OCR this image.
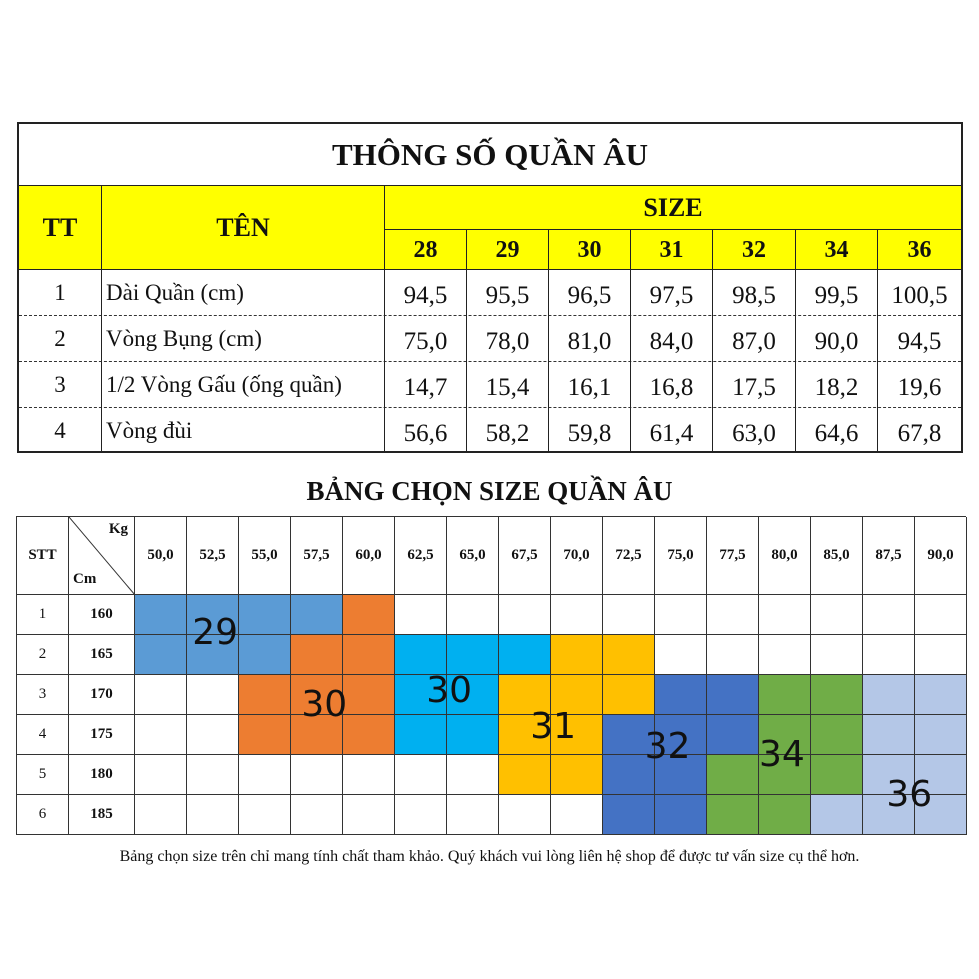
THÔNG SỐ QUẦN ÂU
TT	TÊN
SIZE
28	29	30	31	32	34	36
1	Dài Quần (cm)	94,5	95,5	96,5	97,5	98,5	99,5	100,5
2	Vòng Bụng (cm)	75,0	78,0	81,0	84,0	87,0	90,0	94,5
3	1/2 Vòng Gấu (ống quần)	14,7	15,4	16,1	16,8	17,5	18,2	19,6
4	Vòng đùi	56,6	58,2	59,8	61,4	63,0	64,6	67,8
BẢNG CHỌN SIZE QUẦN ÂU
STT
Kg
Cm
50,0	52,5	55,0	57,5	60,0	62,5	65,0	67,5	70,0	72,5	75,0	77,5	80,0	85,0	87,5	90,0
1	160
2	165
3	170
4	175
5	180
6	185
29
30 30
31 32 34
36
Bảng chọn size trên chỉ mang tính chất tham khảo. Quý khách vui lòng liên hệ shop để được tư vấn size cụ thể hơn.
